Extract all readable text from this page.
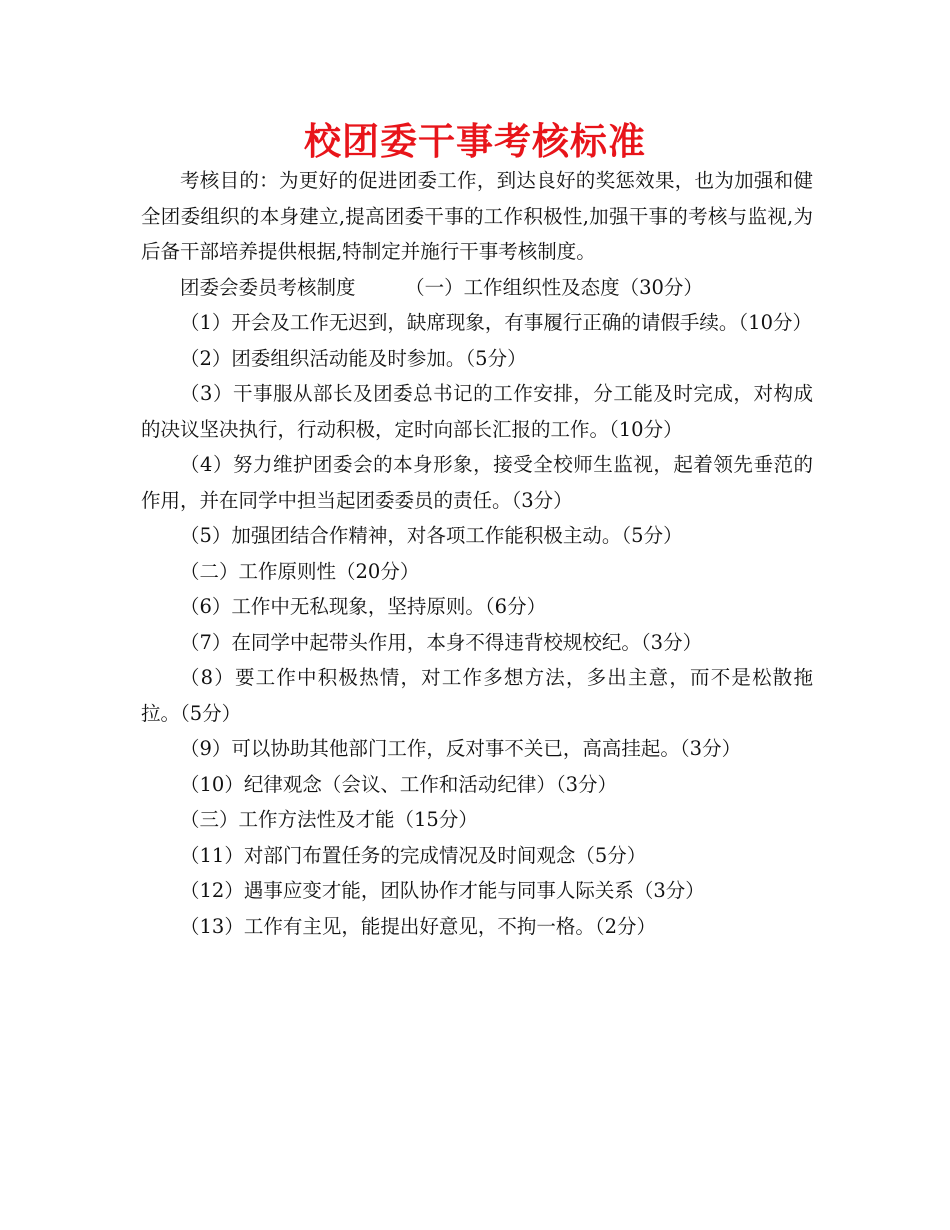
校团委干事考核标准

考核目的：为更好的促进团委工作，到达良好的奖惩效果，也为加强和健全团委组织的本身建立,提高团委干事的工作积极性,加强干事的考核与监视,为后备干部培养提供根据,特制定并施行干事考核制度。

团委会委员考核制度        （一）工作组织性及态度（30分）

（1）开会及工作无迟到，缺席现象，有事履行正确的请假手续。（10分）

（2）团委组织活动能及时参加。（5分）

（3）干事服从部长及团委总书记的工作安排，分工能及时完成，对构成的决议坚决执行，行动积极，定时向部长汇报的工作。（10分）

（4）努力维护团委会的本身形象，接受全校师生监视，起着领先垂范的作用，并在同学中担当起团委委员的责任。（3分）

（5）加强团结合作精神，对各项工作能积极主动。（5分）

（二）工作原则性（20分）

（6）工作中无私现象，坚持原则。（6分）

（7）在同学中起带头作用，本身不得违背校规校纪。（3分）

（8）要工作中积极热情，对工作多想方法，多出主意，而不是松散拖拉。（5分）

（9）可以协助其他部门工作，反对事不关已，高高挂起。（3分）

（10）纪律观念（会议、工作和活动纪律）（3分）

（三）工作方法性及才能（15分）

（11）对部门布置任务的完成情况及时间观念（5分）

（12）遇事应变才能，团队协作才能与同事人际关系（3分）

（13）工作有主见，能提出好意见，不拘一格。（2分）
